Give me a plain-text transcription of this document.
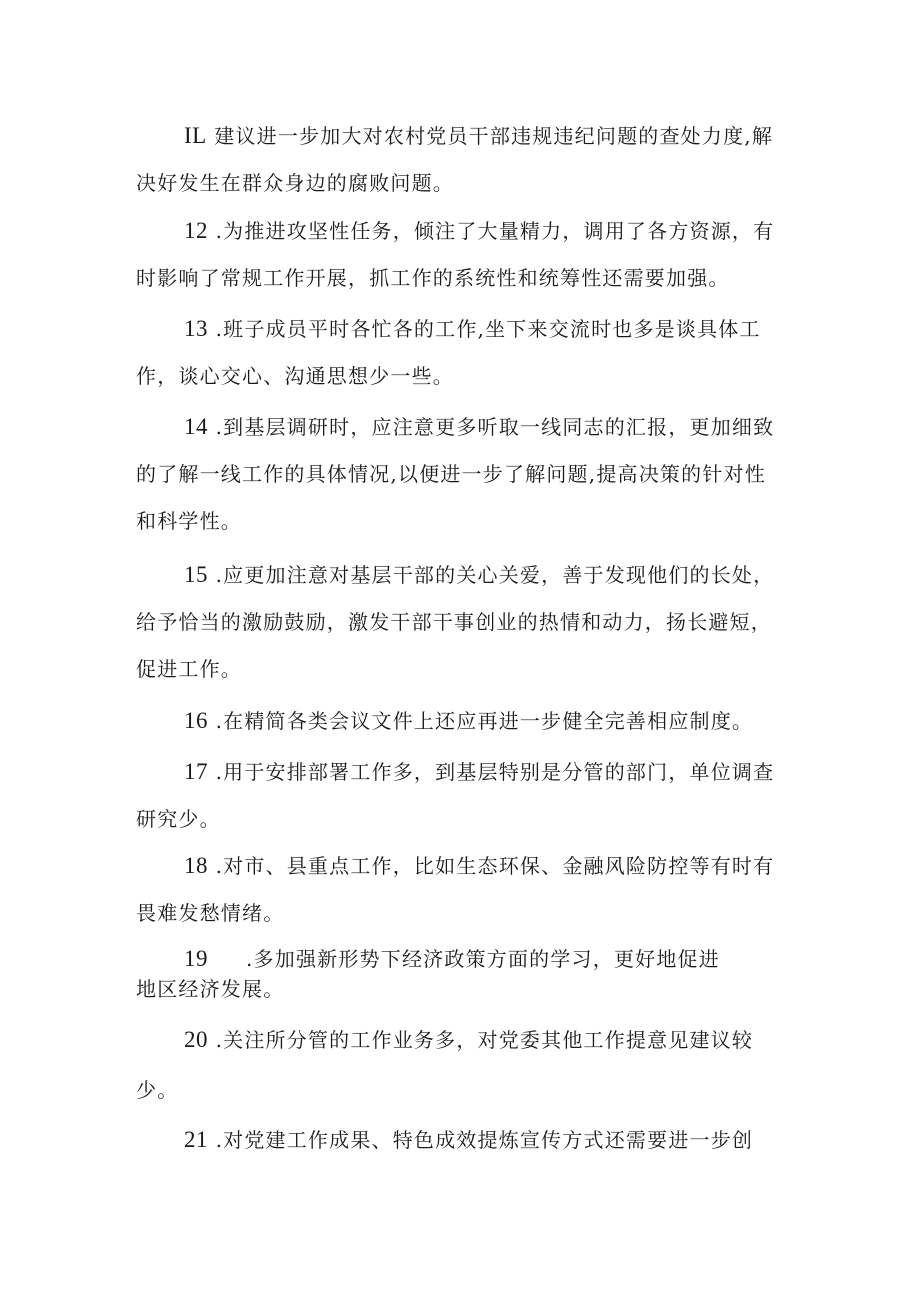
IL 建议进一步加大对农村党员干部违规违纪问题的查处力度,解
决好发生在群众身边的腐败问题。

12 .为推进攻坚性任务，倾注了大量精力，调用了各方资源，有
时影响了常规工作开展，抓工作的系统性和统筹性还需要加强。

13 .班子成员平时各忙各的工作,坐下来交流时也多是谈具体工
作，谈心交心、沟通思想少一些。

14 .到基层调研时，应注意更多听取一线同志的汇报，更加细致
的了解一线工作的具体情况,以便进一步了解问题,提高决策的针对性
和科学性。

15 .应更加注意对基层干部的关心关爱，善于发现他们的长处，
给予恰当的激励鼓励，激发干部干事创业的热情和动力，扬长避短，
促进工作。

16 .在精简各类会议文件上还应再进一步健全完善相应制度。

17 .用于安排部署工作多，到基层特别是分管的部门，单位调查
研究少。

18 .对市、县重点工作，比如生态环保、金融风险防控等有时有
畏难发愁情绪。

19 .多加强新形势下经济政策方面的学习，更好地促进
地区经济发展。

20 .关注所分管的工作业务多，对党委其他工作提意见建议较
少。

21 .对党建工作成果、特色成效提炼宣传方式还需要进一步创
